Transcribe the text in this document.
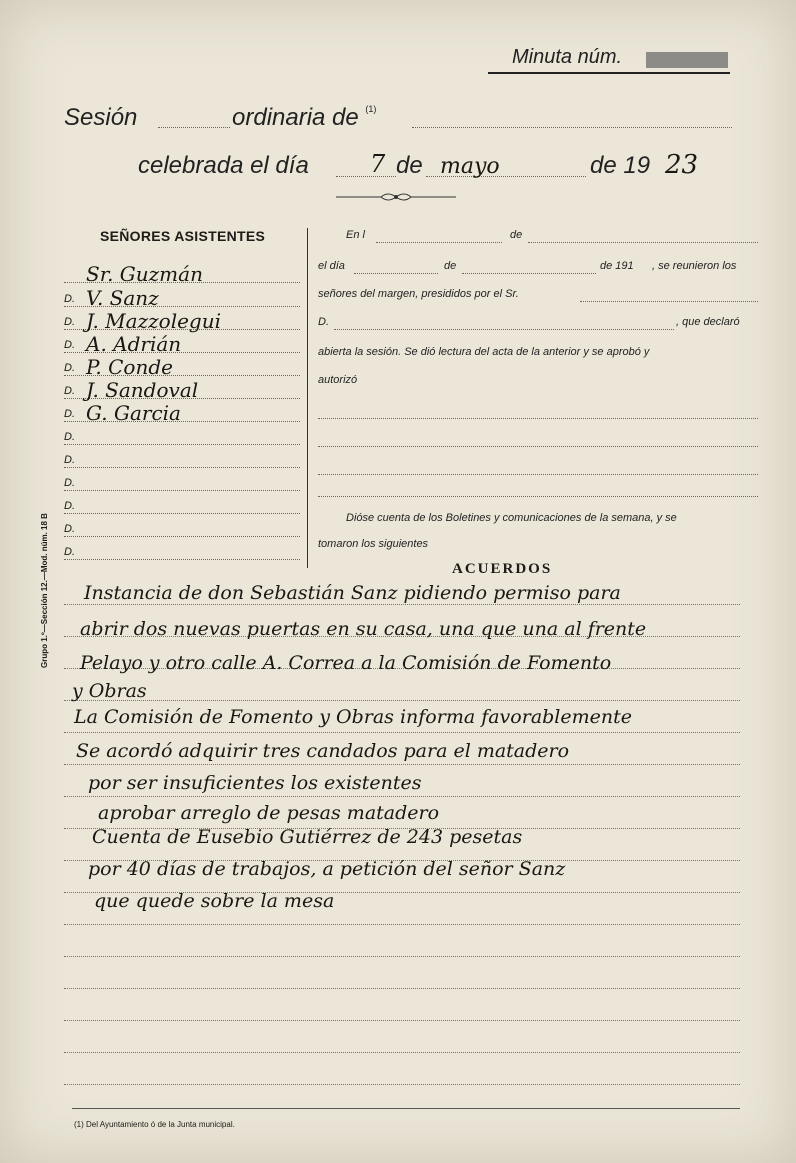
Minuta núm.
Sesión	ordinaria de $^{(1)}$
celebrada el día	7 de mayo	de 19 23
SEÑORES ASISTENTES
Sr. Guzmán
D. V. Sanz
D. J. Mazzolegui
D. A. Adrián
D. P. Conde
D. J. Sandoval
D. G. Garcia
D.
D.
D.
D.
D.
D.
En l	de
el día	de	de 191 , se reunieron los
señores del margen, presididos por el Sr.
D.	, que declaró
abierta la sesión. Se dió lectura del acta de la anterior y se aprobó y
autorizó
Dióse cuenta de los Boletines y comunicaciones de la semana, y se
tomaron los siguientes
ACUERDOS
Instancia de don Sebastián Sanz pidiendo permiso para
abrir dos nuevas puertas en su casa, una que una al frente
Pelayo y otro calle A. Correa a la Comisión de Fomento
y Obras
La Comisión de Fomento y Obras informa favorablemente
Se acordó adquirir tres candados para el matadero
por ser insuficientes los existentes
aprobar arreglo de pesas matadero
Cuenta de Eusebio Gutiérrez de 243 pesetas
por 40 días de trabajos, a petición del señor Sanz
que quede sobre la mesa
(1) Del Ayuntamiento ó de la Junta municipal.
Grupo 1.º—Sección 12.—Mod. núm. 18 B
